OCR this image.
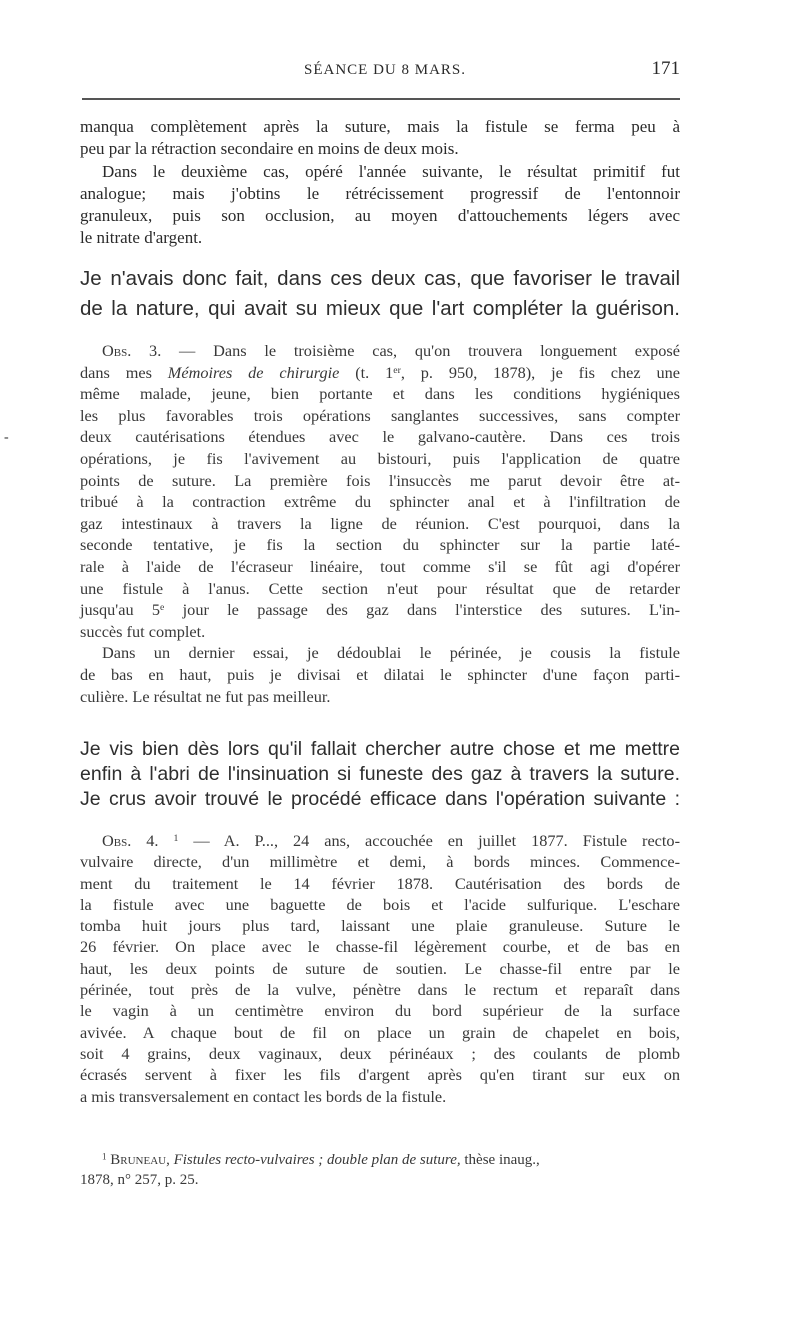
SÉANCE DU 8 MARS.	171
-

manqua complètement après la suture, mais la fistule se ferma peu à
peu par la rétraction secondaire en moins de deux mois.

Dans le deuxième cas, opéré l'année suivante, le résultat primitif fut
analogue; mais j'obtins le rétrécissement progressif de l'entonnoir
granuleux, puis son occlusion, au moyen d'attouchements légers avec
le nitrate d'argent.

Je n'avais donc fait, dans ces deux cas, que favoriser le travail
de la nature, qui avait su mieux que l'art compléter la guérison.
Obs. 3. — Dans le troisième cas, qu'on trouvera longuement exposé
dans mes Mémoires de chirurgie (t. 1er, p. 950, 1878), je fis chez une
même malade, jeune, bien portante et dans les conditions hygiéniques
les plus favorables trois opérations sanglantes successives, sans compter
deux cautérisations étendues avec le galvano-cautère. Dans ces trois
opérations, je fis l'avivement au bistouri, puis l'application de quatre
points de suture. La première fois l'insuccès me parut devoir être at-
tribué à la contraction extrême du sphincter anal et à l'infiltration de
gaz intestinaux à travers la ligne de réunion. C'est pourquoi, dans la
seconde tentative, je fis la section du sphincter sur la partie laté-
rale à l'aide de l'écraseur linéaire, tout comme s'il se fût agi d'opérer
une fistule à l'anus. Cette section n'eut pour résultat que de retarder
jusqu'au 5e jour le passage des gaz dans l'interstice des sutures. L'in-
succès fut complet.
Dans un dernier essai, je dédoublai le périnée, je cousis la fistule
de bas en haut, puis je divisai et dilatai le sphincter d'une façon parti-
culière. Le résultat ne fut pas meilleur.
Je vis bien dès lors qu'il fallait chercher autre chose et me mettre
enfin à l'abri de l'insinuation si funeste des gaz à travers la suture.
Je crus avoir trouvé le procédé efficace dans l'opération suivante :
Obs. 4. $^1$ — A. P..., 24 ans, accouchée en juillet 1877. Fistule recto-
vulvaire directe, d'un millimètre et demi, à bords minces. Commence-
ment du traitement le 14 février 1878. Cautérisation des bords de
la fistule avec une baguette de bois et l'acide sulfurique. L'eschare
tomba huit jours plus tard, laissant une plaie granuleuse. Suture le
26 février. On place avec le chasse-fil légèrement courbe, et de bas en
haut, les deux points de suture de soutien. Le chasse-fil entre par le
périnée, tout près de la vulve, pénètre dans le rectum et reparaît dans
le vagin à un centimètre environ du bord supérieur de la surface
avivée. A chaque bout de fil on place un grain de chapelet en bois,
soit 4 grains, deux vaginaux, deux périnéaux ; des coulants de plomb
écrasés servent à fixer les fils d'argent après qu'en tirant sur eux on
a mis transversalement en contact les bords de la fistule.
$^1$ Bruneau, Fistules recto-vulvaires ; double plan de suture, thèse inaug.,
1878, n° 257, p. 25.
